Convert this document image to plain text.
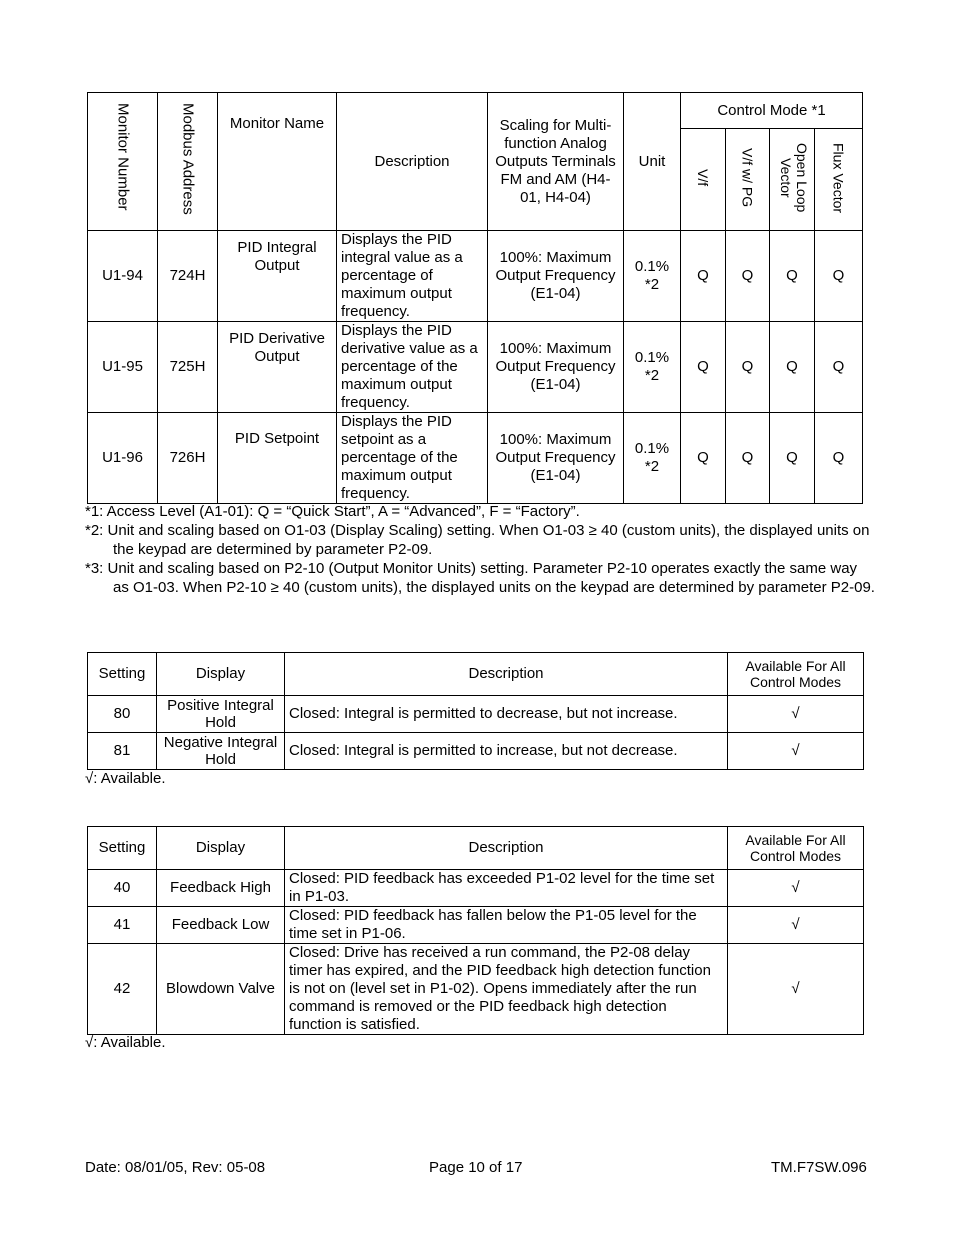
Monitor Number	Modbus Address	Monitor Name	Description	Scaling for Multi-function Analog Outputs Terminals FM and AM (H4-01, H4-04)	Unit	Control Mode *1			
						V/f	V/f w/ PG	Open Loop Vector	Flux Vector
U1-94	724H	PID Integral Output	Displays the PID integral value as a percentage of maximum output frequency.	100%: Maximum Output Frequency (E1-04)	0.1% *2	Q	Q	Q	Q
U1-95	725H	PID Derivative Output	Displays the PID derivative value as a percentage of the maximum output frequency.	100%: Maximum Output Frequency (E1-04)	0.1% *2	Q	Q	Q	Q
U1-96	726H	PID Setpoint	Displays the PID setpoint as a percentage of the maximum output frequency.	100%: Maximum Output Frequency (E1-04)	0.1% *2	Q	Q	Q	Q
*1: Access Level (A1-01): Q = “Quick Start”, A = “Advanced”, F = “Factory”.
*2: Unit and scaling based on O1-03 (Display Scaling) setting. When O1-03 ≥ 40 (custom units), the displayed units on the keypad are determined by parameter P2-09.
*3: Unit and scaling based on P2-10 (Output Monitor Units) setting. Parameter P2-10 operates exactly the same way as O1-03. When P2-10 ≥ 40 (custom units), the displayed units on the keypad are determined by parameter P2-09.
Setting	Display	Description	Available For All Control Modes
80	Positive Integral Hold	Closed: Integral is permitted to decrease, but not increase.	√
81	Negative Integral Hold	Closed: Integral is permitted to increase, but not decrease.	√
√: Available.
Setting	Display	Description	Available For All Control Modes
40	Feedback High	Closed: PID feedback has exceeded P1-02 level for the time set in P1-03.	√
41	Feedback Low	Closed: PID feedback has fallen below the P1-05 level for the time set in P1-06.	√
42	Blowdown Valve	Closed: Drive has received a run command, the P2-08 delay timer has expired, and the PID feedback high detection function is not on (level set in P1-02). Opens immediately after the run command is removed or the PID feedback high detection function is satisfied.	√
√: Available.
Date: 08/01/05, Rev: 05-08	Page 10 of 17	TM.F7SW.096
